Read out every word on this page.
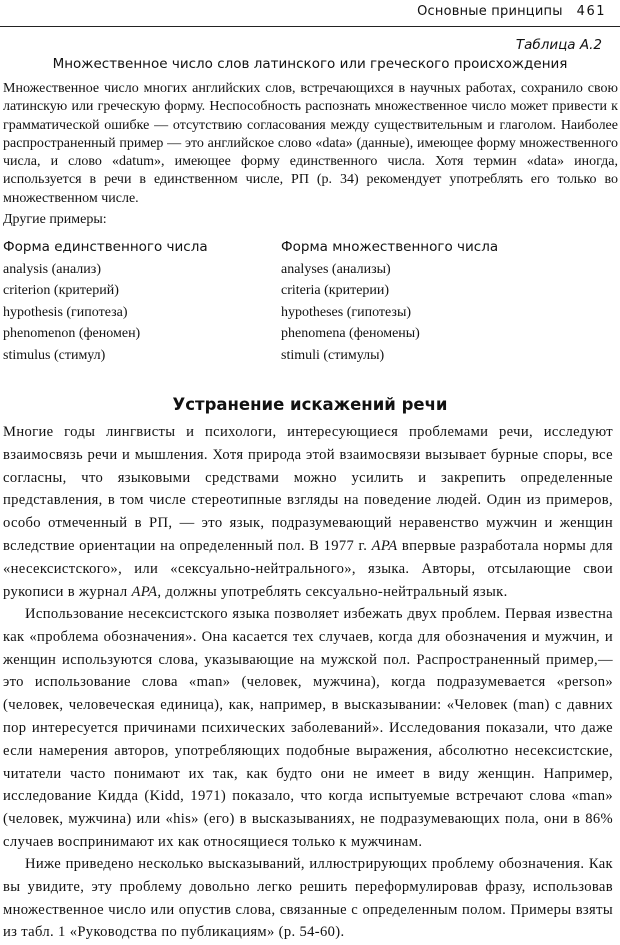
Основные принципы 461
Таблица А.2
Множественное число слов латинского или греческого происхождения
Множественное число многих английских слов, встречающихся в научных работах, сохранило свою латинскую или греческую форму. Неспособность распознать множественное число может привести к грамматической ошибке — отсутствию согласования между существительным и глаголом. Наиболее распространенный пример — это английское слово «data» (данные), имеющее форму множественного числа, и слово «datum», имеющее форму единственного числа. Хотя термин «data» иногда, используется в речи в единственном числе, РП (р. 34) рекомендует употреблять его только во множественном числе.
Другие примеры:
Форма единственного числа	Форма множественного числа
analysis (анализ)	analyses (анализы)
criterion (критерий)	criteria (критерии)
hypothesis (гипотеза)	hypotheses (гипотезы)
phenomenon (феномен)	phenomena (феномены)
stimulus (стимул)	stimuli (стимулы)
Устранение искажений речи
Многие годы лингвисты и психологи, интересующиеся проблемами речи, исследуют взаимосвязь речи и мышления. Хотя природа этой взаимосвязи вызывает бурные споры, все согласны, что языковыми средствами можно усилить и закрепить определенные представления, в том числе стереотипные взгляды на поведение людей. Один из примеров, особо отмеченный в РП, — это язык, подразумевающий неравенство мужчин и женщин вследствие ориентации на определенный пол. В 1977 г. APA впервые разработала нормы для «несексистского», или «сексуально-нейтрального», языка. Авторы, отсылающие свои рукописи в журнал APA, должны употреблять сексуально-нейтральный язык.
Использование несексистского языка позволяет избежать двух проблем. Первая известна как «проблема обозначения». Она касается тех случаев, когда для обозначения и мужчин, и женщин используются слова, указывающие на мужской пол. Распространенный пример,— это использование слова «man» (человек, мужчина), когда подразумевается «person» (человек, человеческая единица), как, например, в высказывании: «Человек (man) с давних пор интересуется причинами психических заболеваний». Исследования показали, что даже если намерения авторов, употребляющих подобные выражения, абсолютно несексистские, читатели часто понимают их так, как будто они не имеет в виду женщин. Например, исследование Кидда (Kidd, 1971) показало, что когда испытуемые встречают слова «man» (человек, мужчина) или «his» (его) в высказываниях, не подразумевающих пола, они в 86% случаев воспринимают их как относящиеся только к мужчинам.
Ниже приведено несколько высказываний, иллюстрирующих проблему обозначения. Как вы увидите, эту проблему довольно легко решить переформулировав фразу, использовав множественное число или опустив слова, связанные с определенным полом. Примеры взяты из табл. 1 «Руководства по публикациям» (р. 54-60).
